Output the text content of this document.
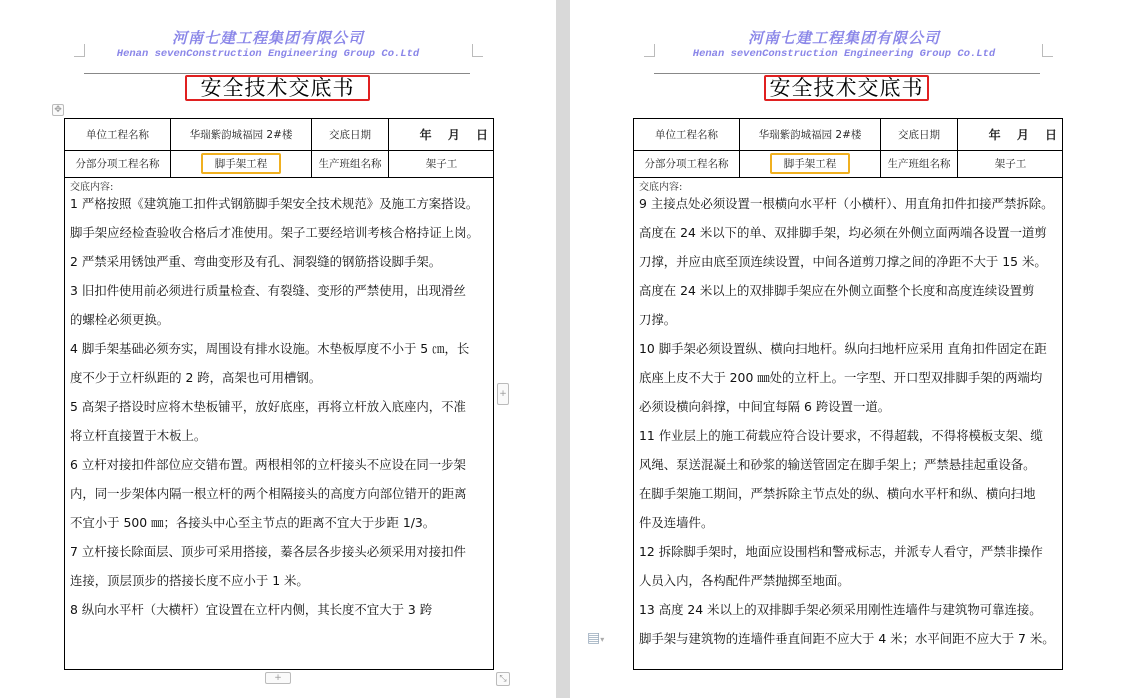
河南七建工程集团有限公司
Henan sevenConstruction Engineering Group Co.Ltd
安全技术交底书
✥
单位工程名称	华瑞紫韵城福园 2#楼	交底日期	年　 月　 日
分部分项工程名称	脚手架工程	生产班组名称	架子工
交底内容:
1 严格按照《建筑施工扣件式钢筋脚手架安全技术规范》及施工方案搭设。
脚手架应经检查验收合格后才准使用。架子工要经培训考核合格持证上岗。
2 严禁采用锈蚀严重、弯曲变形及有孔、洞裂缝的钢筋搭设脚手架。
3 旧扣件使用前必须进行质量检查、有裂缝、变形的严禁使用，出现滑丝
的螺栓必须更换。
4 脚手架基础必须夯实，周围设有排水设施。木垫板厚度不小于 5 ㎝，长
度不少于立杆纵距的 2 跨，高架也可用槽钢。
5 高架子搭设时应将木垫板铺平，放好底座，再将立杆放入底座内，不准
将立杆直接置于木板上。
6 立杆对接扣件部位应交错布置。两根相邻的立杆接头不应设在同一步架
内，同一步架体内隔一根立杆的两个相隔接头的高度方向部位错开的距离
不宜小于 500 ㎜；各接头中心至主节点的距离不宜大于步距 1/3。
7 立杆接长除面层、顶步可采用搭接，蓁各层各步接头必须采用对接扣件
连接，顶层顶步的搭接长度不应小于 1 米。
8 纵向水平杆（大横杆）宜设置在立杆内侧，其长度不宜大于 3 跨
+
+	⤡
河南七建工程集团有限公司
Henan sevenConstruction Engineering Group Co.Ltd
安全技术交底书
单位工程名称	华瑞紫韵城福园 2#楼	交底日期	年　 月　 日
分部分项工程名称	脚手架工程	生产班组名称	架子工
交底内容:
9 主接点处必须设置一根横向水平杆（小横杆）、用直角扣件扣接严禁拆除。
高度在 24 米以下的单、双排脚手架，均必须在外侧立面两端各设置一道剪
刀撑，并应由底至顶连续设置，中间各道剪刀撑之间的净距不大于 15 米。
高度在 24 米以上的双排脚手架应在外侧立面整个长度和高度连续设置剪
刀撑。
10 脚手架必须设置纵、横向扫地杆。纵向扫地杆应采用 直角扣件固定在距
底座上皮不大于 200 ㎜处的立杆上。一字型、开口型双排脚手架的两端均
必须设横向斜撑，中间宜每隔 6 跨设置一道。
11 作业层上的施工荷载应符合设计要求，不得超载，不得将模板支架、缆
风绳、泵送混凝土和砂浆的输送管固定在脚手架上；严禁悬挂起重设备。
在脚手架施工期间，严禁拆除主节点处的纵、横向水平杆和纵、横向扫地
件及连墙件。
12 拆除脚手架时，地面应设围档和警戒标志，并派专人看守，严禁非操作
人员入内，各构配件严禁抛掷至地面。
13 高度 24 米以上的双排脚手架必须采用刚性连墙件与建筑物可靠连接。
脚手架与建筑物的连墙件垂直间距不应大于 4 米；水平间距不应大于 7 米。
▤▾
